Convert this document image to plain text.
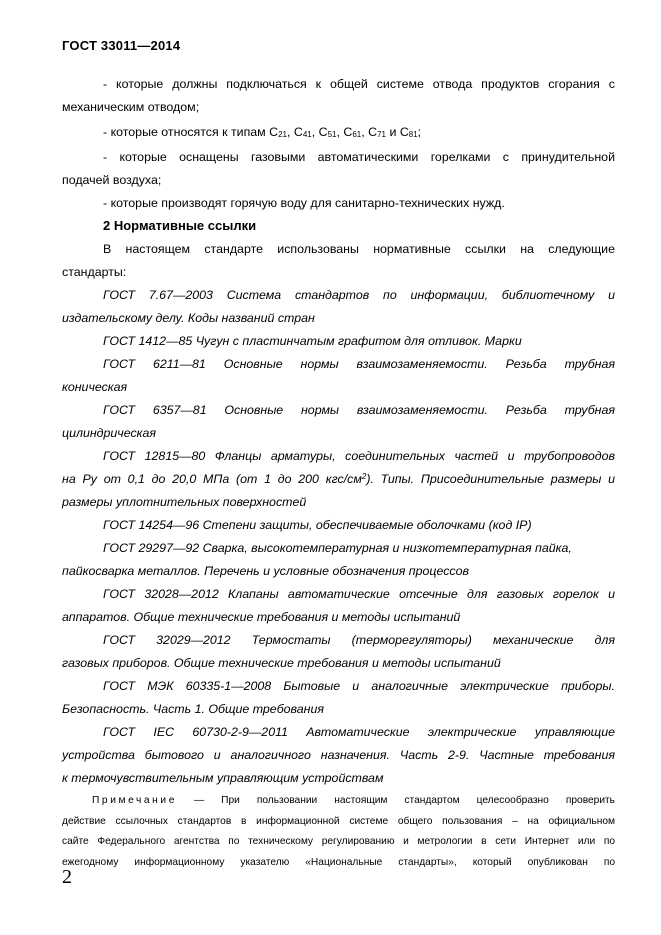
ГОСТ 33011—2014
- которые должны подключаться к общей системе отвода продуктов сгорания с
механическим отводом;
- которые относятся к типам $C_{21}$, $C_{41}$, $C_{51}$, $C_{61}$, $C_{71}$ и $C_{81}$;
- которые оснащены газовыми автоматическими горелками с принудительной
подачей воздуха;
- которые производят горячую воду для санитарно-технических нужд.
2 Нормативные ссылки
В настоящем стандарте использованы нормативные ссылки на следующие
стандарты:
ГОСТ 7.67—2003 Система стандартов по информации, библиотечному и
издательскому делу. Коды названий стран
ГОСТ 1412—85 Чугун с пластинчатым графитом для отливок. Марки
ГОСТ 6211—81 Основные нормы взаимозаменяемости. Резьба трубная
коническая
ГОСТ 6357—81 Основные нормы взаимозаменяемости. Резьба трубная
цилиндрическая
ГОСТ 12815—80 Фланцы арматуры, соединительных частей и трубопроводов
на Ру от 0,1 до 20,0 МПа (от 1 до 200 кгс/$см^2$). Типы. Присоединительные размеры и
размеры уплотнительных поверхностей
ГОСТ 14254—96 Степени защиты, обеспечиваемые оболочками (код IP)
ГОСТ 29297—92 Сварка, высокотемпературная и низкотемпературная пайка,
пайкосварка металлов. Перечень и условные обозначения процессов
ГОСТ 32028—2012 Клапаны автоматические отсечные для газовых горелок и
аппаратов. Общие технические требования и методы испытаний
ГОСТ 32029—2012 Термостаты (терморегуляторы) механические для
газовых приборов. Общие технические требования и методы испытаний
ГОСТ МЭК 60335-1—2008 Бытовые и аналогичные электрические приборы.
Безопасность. Часть 1. Общие требования
ГОСТ IEC 60730-2-9—2011 Автоматические электрические управляющие
устройства бытового и аналогичного назначения. Часть 2-9. Частные требования
к термочувствительным управляющим устройствам
Примечание — При пользовании настоящим стандартом целесообразно проверить
действие ссылочных стандартов в информационной системе общего пользования – на официальном
сайте Федерального агентства по техническому регулированию и метрологии в сети Интернет или по
ежегодному информационному указателю «Национальные стандарты», который опубликован по
2
